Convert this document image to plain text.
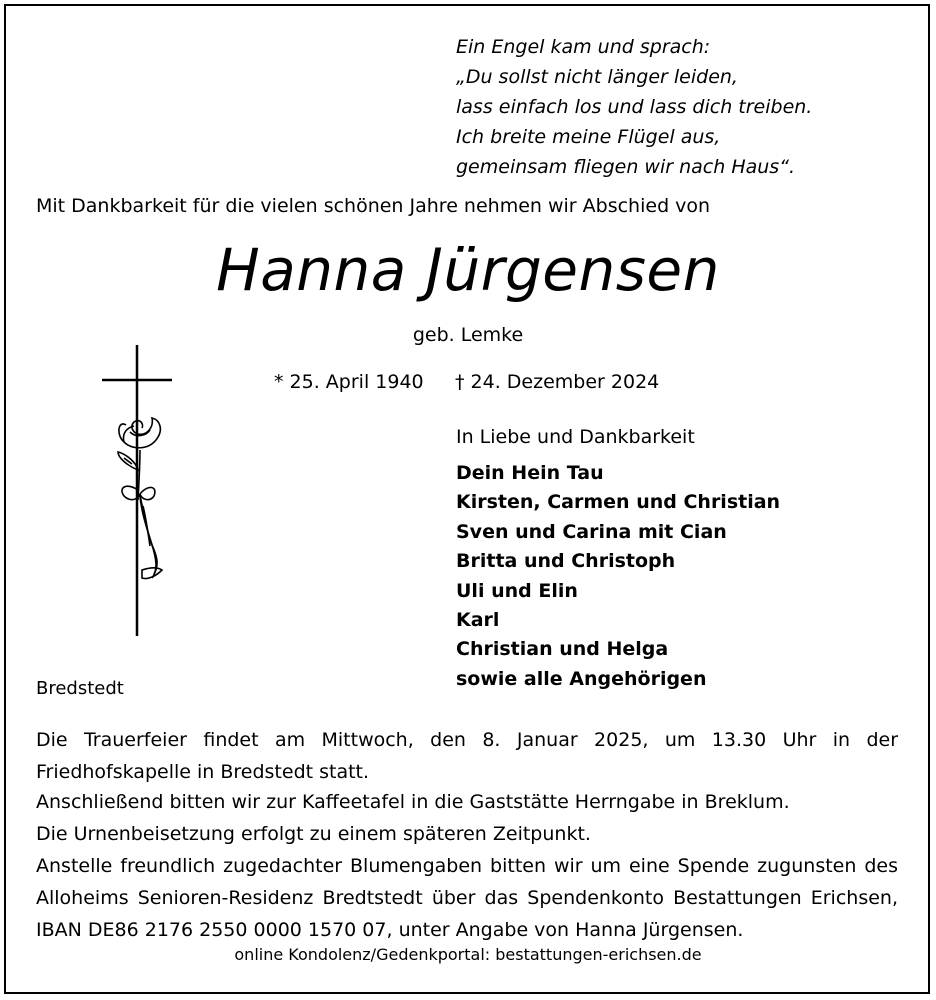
Ein Engel kam und sprach:
„Du sollst nicht länger leiden,
lass einfach los und lass dich treiben.
Ich breite meine Flügel aus,
gemeinsam fliegen wir nach Haus“.
Mit Dankbarkeit für die vielen schönen Jahre nehmen wir Abschied von
Hanna Jürgensen
geb. Lemke
* 25. April 1940 † 24. Dezember 2024
In Liebe und Dankbarkeit
Dein Hein Tau
Kirsten, Carmen und Christian
Sven und Carina mit Cian
Britta und Christoph
Uli und Elin
Karl
Christian und Helga
sowie alle Angehörigen
Bredstedt
Die Trauerfeier findet am Mittwoch, den 8. Januar 2025, um 13.30 Uhr in der Friedhofskapelle in Bredstedt statt.
Anschließend bitten wir zur Kaffeetafel in die Gaststätte Herrngabe in Breklum.
Die Urnenbeisetzung erfolgt zu einem späteren Zeitpunkt.
Anstelle freundlich zugedachter Blumengaben bitten wir um eine Spende zugunsten des Alloheims Senioren-Residenz Bredtstedt über das Spendenkonto Bestattungen Erichsen, IBAN DE86 2176 2550 0000 1570 07, unter Angabe von Hanna Jürgensen.
online Kondolenz/Gedenkportal: bestattungen-erichsen.de
